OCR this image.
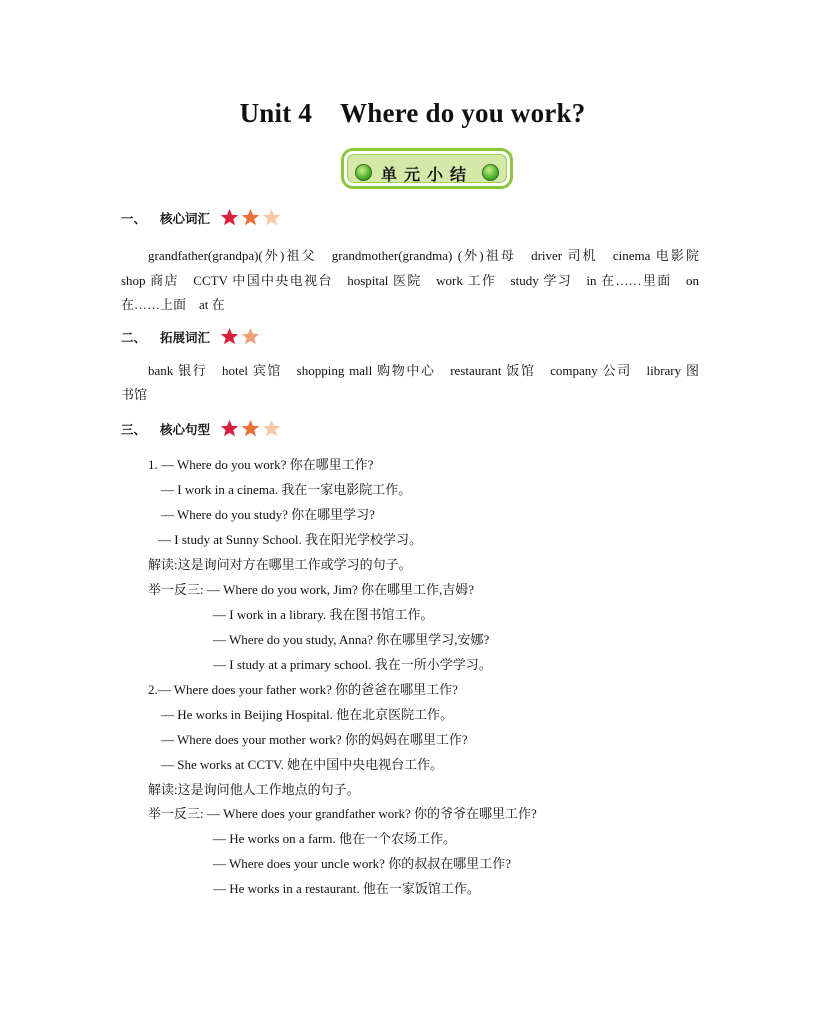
Unit 4 Where do you work?
单元小结
一、 核心词汇
grandfather(grandpa)(外)祖父　grandmother(grandma) (外)祖母　driver 司机　cinema 电影院
shop 商店　CCTV 中国中央电视台　hospital 医院　work 工作　study 学习　in 在……里面　on
在……上面　at 在
二、 拓展词汇
bank 银行　hotel 宾馆　shopping mall 购物中心　restaurant 饭馆　company 公司　library 图
书馆
三、 核心句型
1. — Where do you work? 你在哪里工作?
— I work in a cinema. 我在一家电影院工作。
— Where do you study? 你在哪里学习?
— I study at Sunny School. 我在阳光学校学习。
解读:这是询问对方在哪里工作或学习的句子。
举一反三: — Where do you work, Jim? 你在哪里工作,吉姆?
— I work in a library. 我在图书馆工作。
— Where do you study, Anna? 你在哪里学习,安娜?
— I study at a primary school. 我在一所小学学习。
2.— Where does your father work? 你的爸爸在哪里工作?
— He works in Beijing Hospital. 他在北京医院工作。
— Where does your mother work? 你的妈妈在哪里工作?
— She works at CCTV. 她在中国中央电视台工作。
解读:这是询问他人工作地点的句子。
举一反三: — Where does your grandfather work? 你的爷爷在哪里工作?
— He works on a farm. 他在一个农场工作。
— Where does your uncle work? 你的叔叔在哪里工作?
— He works in a restaurant. 他在一家饭馆工作。
